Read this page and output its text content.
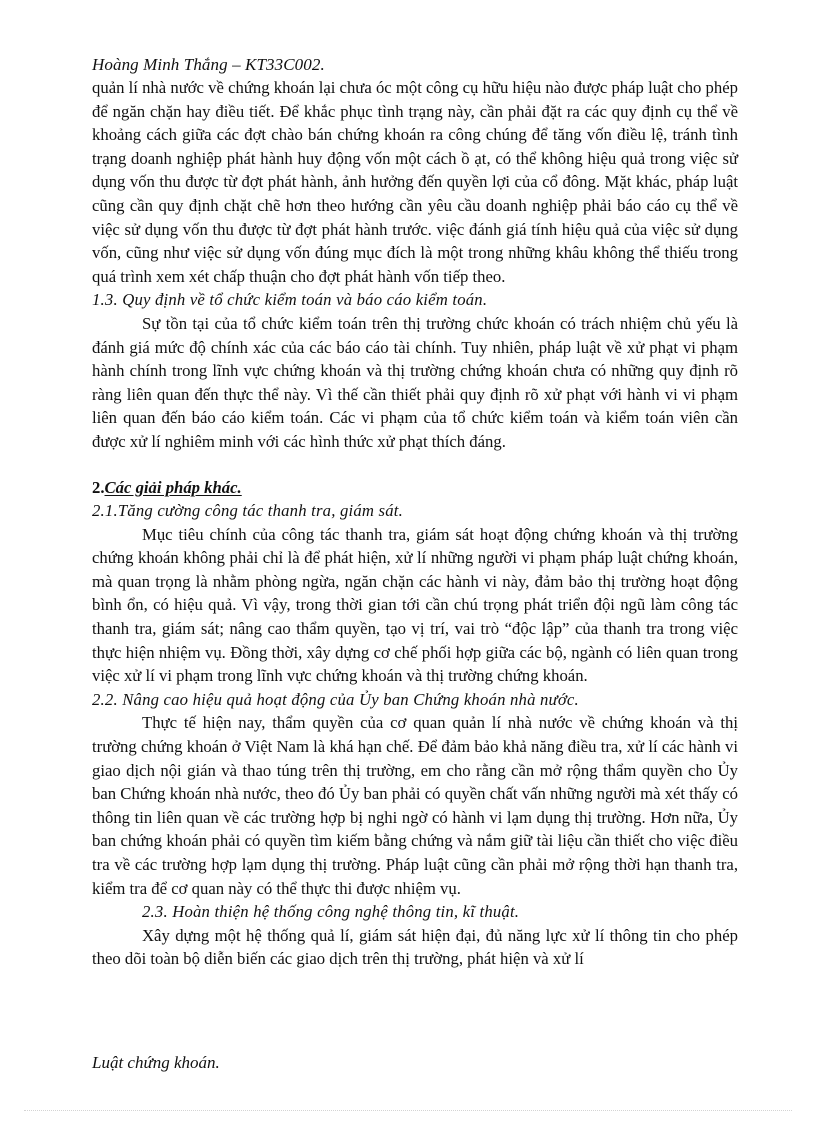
Hoàng Minh Thắng – KT33C002.

quản lí nhà nước về chứng khoán lại chưa óc một công cụ hữu hiệu nào được pháp luật cho phép để ngăn chặn hay điều tiết. Để khắc phục tình trạng này, cần phải đặt ra các quy định cụ thể về khoảng cách giữa các đợt chào bán chứng khoán ra công chúng để tăng vốn điều lệ, tránh tình trạng doanh nghiệp phát hành huy động vốn một cách ồ ạt, có thể không hiệu quả trong việc sử dụng vốn thu được từ đợt phát hành, ảnh hưởng đến quyền lợi của cổ đông. Mặt khác, pháp luật cũng cần quy định chặt chẽ hơn theo hướng cần yêu cầu doanh nghiệp phải báo cáo cụ thể về việc sử dụng vốn thu được từ đợt phát hành trước. việc đánh giá tính hiệu quả của việc sử dụng vốn, cũng như việc sử dụng vốn đúng mục đích là một trong những khâu không thể thiếu trong quá trình xem xét chấp thuận cho đợt phát hành vốn tiếp theo.

1.3. Quy định về tổ chức kiểm toán và báo cáo kiểm toán.

Sự tồn tại của tổ chức kiểm toán trên thị trường chức khoán có trách nhiệm chủ yếu là đánh giá mức độ chính xác của các báo cáo tài chính. Tuy nhiên, pháp luật về xử phạt vi phạm hành chính trong lĩnh vực chứng khoán và thị trường chứng khoán chưa có những quy định rõ ràng liên quan đến thực thể này. Vì thế cần thiết phải quy định rõ xử phạt với hành vi vi phạm liên quan đến báo cáo kiểm toán. Các vi phạm của tổ chức kiểm toán và kiểm toán viên cần được xử lí nghiêm minh với các hình thức xử phạt thích đáng.

2.Các giải pháp khác.

2.1.Tăng cường công tác thanh tra, giám sát.

Mục tiêu chính của công tác thanh tra, giám sát hoạt động chứng khoán và thị trường chứng khoán không phải chỉ là để phát hiện, xử lí những người vi phạm pháp luật chứng khoán, mà quan trọng là nhằm phòng ngừa, ngăn chặn các hành vi này, đảm bảo thị trường hoạt động bình ổn, có hiệu quả. Vì vậy, trong thời gian tới cần chú trọng phát triển đội ngũ làm công tác thanh tra, giám sát; nâng cao thẩm quyền, tạo vị trí, vai trò “độc lập” của thanh tra trong việc thực hiện nhiệm vụ. Đồng thời, xây dựng cơ chế phối hợp giữa các bộ, ngành có liên quan trong việc xử lí vi phạm trong lĩnh vực chứng khoán và thị trường chứng khoán.

2.2. Nâng cao hiệu quả hoạt động của Ủy ban Chứng khoán nhà nước.

Thực tế hiện nay, thẩm quyền của cơ quan quản lí nhà nước về chứng khoán và thị trường chứng khoán ở Việt Nam là khá hạn chế. Để đảm bảo khả năng điều tra, xử lí các hành vi giao dịch nội gián và thao túng trên thị trường, em cho rằng cần mở rộng thẩm quyền cho Ủy ban Chứng khoán nhà nước, theo đó Ủy ban phải có quyền chất vấn những người mà xét thấy có thông tin liên quan về các trường hợp bị nghi ngờ có hành vi lạm dụng thị trường. Hơn nữa, Ủy ban chứng khoán phải có quyền tìm kiếm bằng chứng và nắm giữ tài liệu cần thiết cho việc điều tra về các trường hợp lạm dụng thị trường. Pháp luật cũng cần phải mở rộng thời hạn thanh tra, kiểm tra để cơ quan này có thể thực thi được nhiệm vụ.

2.3. Hoàn thiện hệ thống công nghệ thông tin, kĩ thuật.

Xây dựng một hệ thống quả lí, giám sát hiện đại, đủ năng lực xử lí thông tin cho phép theo dõi toàn bộ diễn biến các giao dịch trên thị trường, phát hiện và xử lí

Luật chứng khoán.
